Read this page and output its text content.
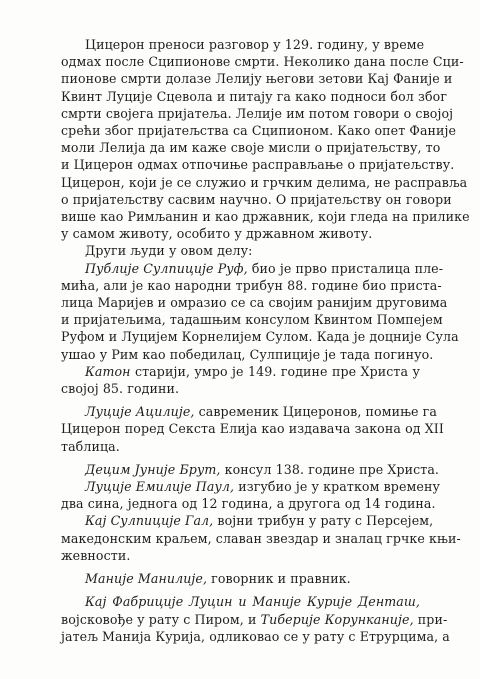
Цицерон преноси разговор у 129. годину, у време
одмах после Сципионове смрти. Неколико дана после Сци-
пионове смрти долазе Лелију његови зетови Кај Фаније и
Квинт Луције Сцевола и питају га како подноси бол због
смрти својега пријатеља. Лелије им потом говори о својој
срећи због пријатељства са Сципионом. Како опет Фаније
моли Лелија да им каже своје мисли о пријатељству, то
и Цицерон одмах отпочиње расправљање о пријатељству.
Цицерон, који је се служио и грчким делима, не расправља
о пријатељству сасвим научно. О пријатељству он говори
више као Римљанин и као државник, који гледа на прилике
у самом животу, особито у државном животу.
Други људи у овом делу:
Публије Сулпиције Руф, био је прво присталица пле-
мића, али је као народни трибун 88. године био приста-
лица Маријев и омразио се са својим ранијим друговима
и пријатељима, тадашњим консулом Квинтом Помпејем
Руфом и Луцијем Корнелијем Сулом. Када је доцније Сула
ушао у Рим као победилац, Сулпиције је тада погинуо.
Катон старији, умро је 149. године пре Христа у
својој 85. години.
Луције Ацилије, савременик Цицеронов, помиње га
Цицерон поред Секста Елија као издавача закона од XII
таблица.
Децим Јуније Брут, консул 138. године пре Христа.
Луције Емилије Паул, изгубио је у кратком времену
два сина, једнога од 12 година, а другога од 14 година.
Кај Сулпиције Гал, војни трибун у рату с Персејем,
македонским краљем, славан звездар и зналац грчке књи-
жевности.
Маније Манилије, говорник и правник.
Кај Фабриције Луцин и Маније Курије Денташ,
војсковође у рату с Пиром, и Тиберије Корунканије, при-
јатељ Манија Курија, одликовао се у рату с Етрурцима, а
